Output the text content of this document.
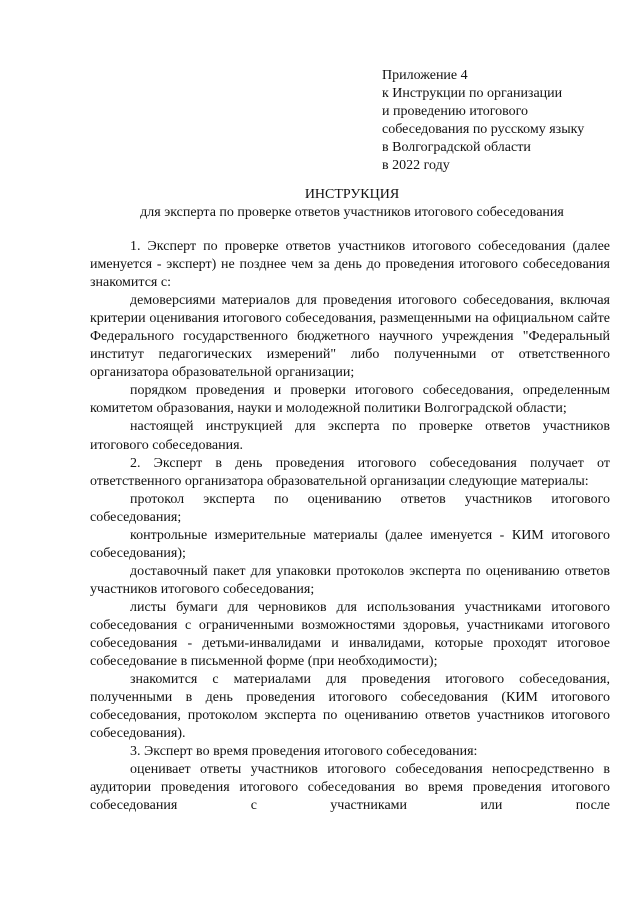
Приложение 4
к Инструкции по организации
и проведению итогового
собеседования по русскому языку
в Волгоградской области
в 2022 году
ИНСТРУКЦИЯ
для эксперта по проверке ответов участников итогового собеседования

1. Эксперт по проверке ответов участников итогового собеседования (далее именуется - эксперт) не позднее чем за день до проведения итогового собеседования знакомится с:

демоверсиями материалов для проведения итогового собеседования, включая критерии оценивания итогового собеседования, размещенными на официальном сайте Федерального государственного бюджетного научного учреждения "Федеральный институт педагогических измерений" либо полученными от ответственного организатора образовательной организации;

порядком проведения и проверки итогового собеседования, определенным комитетом образования, науки и молодежной политики Волгоградской области;

настоящей инструкцией для эксперта по проверке ответов участников итогового собеседования.

2. Эксперт в день проведения итогового собеседования получает от ответственного организатора образовательной организации следующие материалы:

протокол эксперта по оцениванию ответов участников итогового собеседования;

контрольные измерительные материалы (далее именуется - КИМ итогового собеседования);

доставочный пакет для упаковки протоколов эксперта по оцениванию ответов участников итогового собеседования;

листы бумаги для черновиков для использования участниками итогового собеседования с ограниченными возможностями здоровья, участниками итогового собеседования - детьми-инвалидами и инвалидами, которые проходят итоговое собеседование в письменной форме (при необходимости);

знакомится с материалами для проведения итогового собеседования, полученными в день проведения итогового собеседования (КИМ итогового собеседования, протоколом эксперта по оцениванию ответов участников итогового собеседования).

3. Эксперт во время проведения итогового собеседования:

оценивает ответы участников итогового собеседования непосредственно в аудитории проведения итогового собеседования во время проведения итогового собеседования с участниками или после
